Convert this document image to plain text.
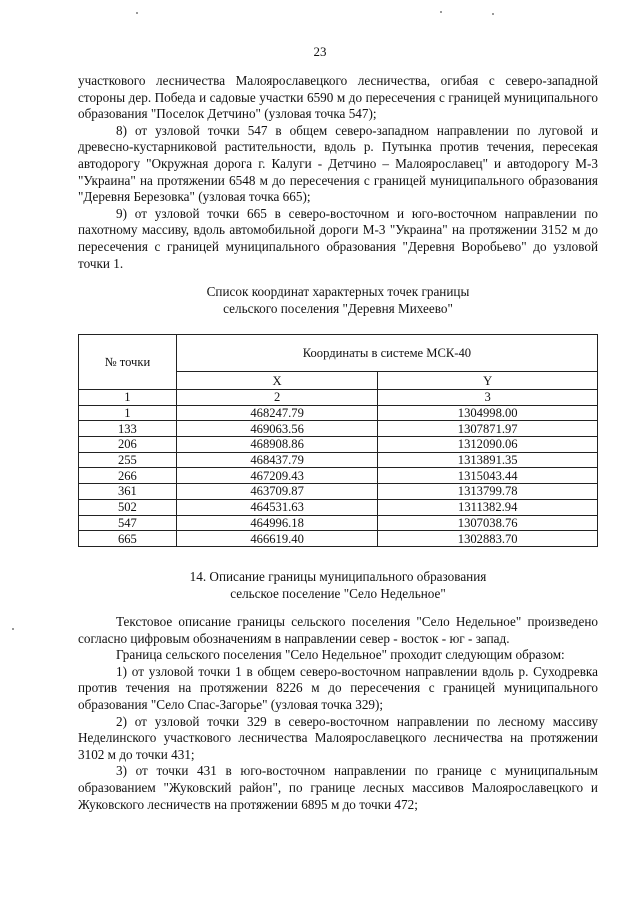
23

участкового лесничества Малоярославецкого лесничества, огибая с северо-западной стороны дер. Победа и садовые участки 6590 м до пересечения с границей муниципального образования "Поселок Детчино" (узловая точка 547);

8) от узловой точки 547 в общем северо-западном направлении по луговой и древесно-кустарниковой растительности, вдоль р. Путынка против течения, пересекая автодорогу "Окружная дорога г. Калуги - Детчино – Малоярославец" и автодорогу М-3 "Украина" на протяжении 6548 м до пересечения с границей муниципального образования "Деревня Березовка" (узловая точка 665);

9) от узловой точки 665 в северо-восточном и юго-восточном направлении по пахотному массиву, вдоль автомобильной дороги М-3 "Украина" на протяжении 3152 м до пересечения с границей муниципального образования "Деревня Воробьево" до узловой точки 1.

Список координат характерных точек границы
сельского поселения "Деревня Михеево"
№ точки	Координаты в системе МСК-40	
	X	Y
1	2	3
1	468247.79	1304998.00
133	469063.56	1307871.97
206	468908.86	1312090.06
255	468437.79	1313891.35
266	467209.43	1315043.44
361	463709.87	1313799.78
502	464531.63	1311382.94
547	464996.18	1307038.76
665	466619.40	1302883.70
14. Описание границы муниципального образования
сельское поселение "Село Недельное"

Текстовое описание границы сельского поселения "Село Недельное" произведено согласно цифровым обозначениям в направлении север - восток - юг - запад.

Граница сельского поселения "Село Недельное" проходит следующим образом:

1) от узловой точки 1 в общем северо-восточном направлении вдоль р. Суходревка против течения на протяжении 8226 м до пересечения с границей муниципального образования "Село Спас-Загорье" (узловая точка 329);

2) от узловой точки 329 в северо-восточном направлении по лесному массиву Неделинского участкового лесничества Малоярославецкого лесничества на протяжении 3102 м до точки 431;

3) от точки 431 в юго-восточном направлении по границе с муниципальным образованием "Жуковский район", по границе лесных массивов Малоярославецкого и Жуковского лесничеств на протяжении 6895 м до точки 472;
